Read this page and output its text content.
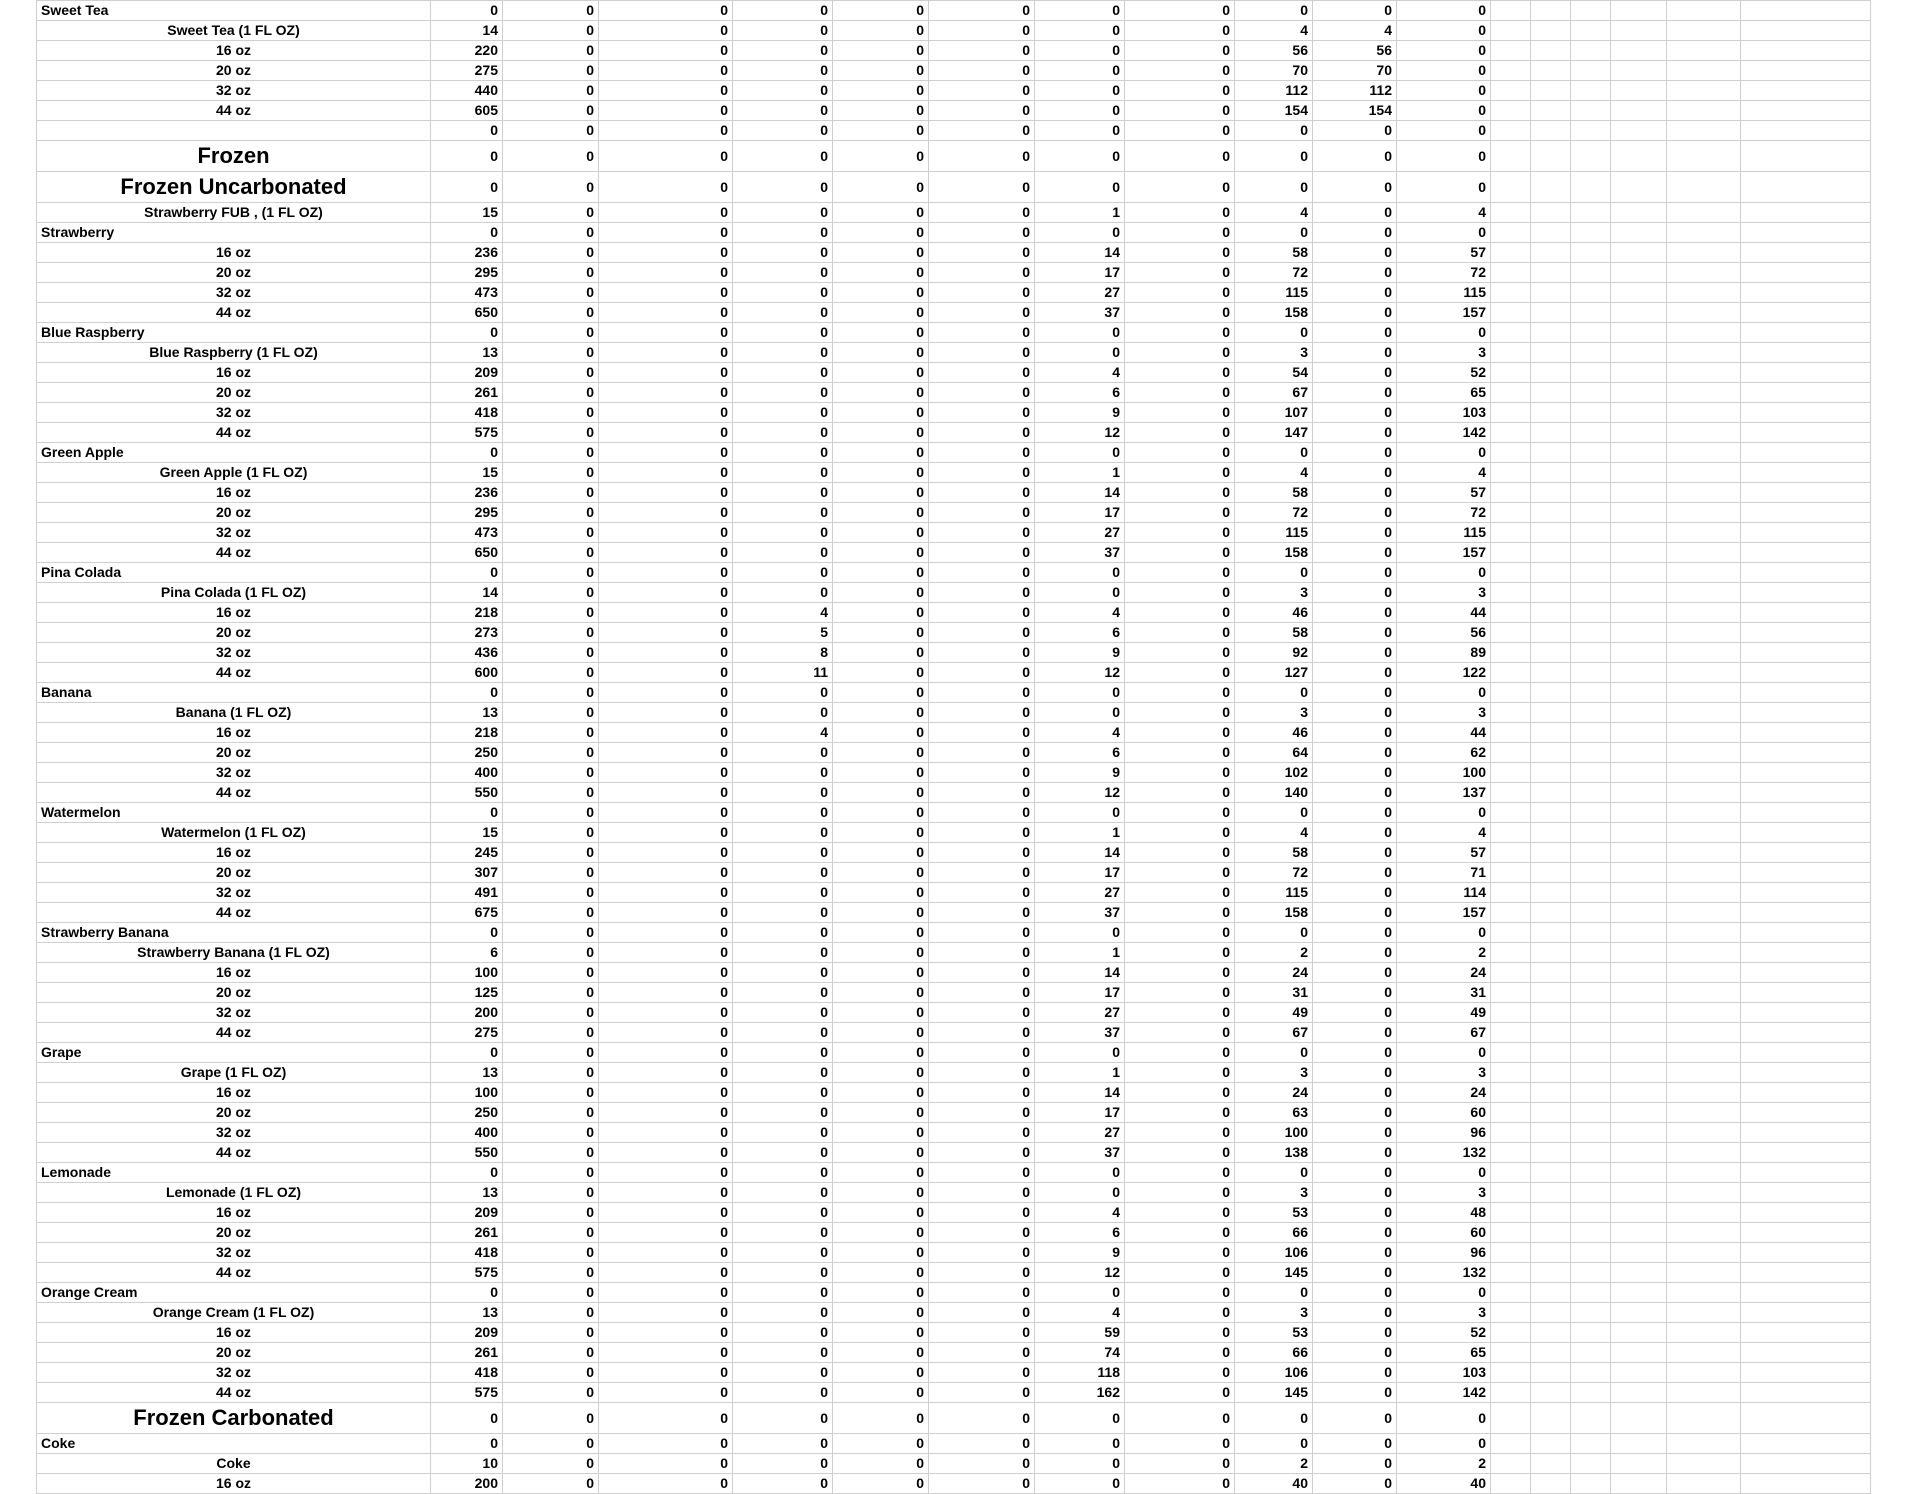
Sweet Tea	0	0	0	0	0	0	0	0	0	0	0						
Sweet Tea (1 FL OZ)	14	0	0	0	0	0	0	0	4	4	0						
16 oz	220	0	0	0	0	0	0	0	56	56	0						
20 oz	275	0	0	0	0	0	0	0	70	70	0						
32 oz	440	0	0	0	0	0	0	0	112	112	0						
44 oz	605	0	0	0	0	0	0	0	154	154	0						
	0	0	0	0	0	0	0	0	0	0	0						
Frozen	0	0	0	0	0	0	0	0	0	0	0						
Frozen Uncarbonated	0	0	0	0	0	0	0	0	0	0	0						
Strawberry FUB , (1 FL OZ)	15	0	0	0	0	0	1	0	4	0	4						
Strawberry	0	0	0	0	0	0	0	0	0	0	0						
16 oz	236	0	0	0	0	0	14	0	58	0	57						
20 oz	295	0	0	0	0	0	17	0	72	0	72						
32 oz	473	0	0	0	0	0	27	0	115	0	115						
44 oz	650	0	0	0	0	0	37	0	158	0	157						
Blue Raspberry	0	0	0	0	0	0	0	0	0	0	0						
Blue Raspberry (1 FL OZ)	13	0	0	0	0	0	0	0	3	0	3						
16 oz	209	0	0	0	0	0	4	0	54	0	52						
20 oz	261	0	0	0	0	0	6	0	67	0	65						
32 oz	418	0	0	0	0	0	9	0	107	0	103						
44 oz	575	0	0	0	0	0	12	0	147	0	142						
Green Apple	0	0	0	0	0	0	0	0	0	0	0						
Green Apple (1 FL OZ)	15	0	0	0	0	0	1	0	4	0	4						
16 oz	236	0	0	0	0	0	14	0	58	0	57						
20 oz	295	0	0	0	0	0	17	0	72	0	72						
32 oz	473	0	0	0	0	0	27	0	115	0	115						
44 oz	650	0	0	0	0	0	37	0	158	0	157						
Pina Colada	0	0	0	0	0	0	0	0	0	0	0						
Pina Colada (1 FL OZ)	14	0	0	0	0	0	0	0	3	0	3						
16 oz	218	0	0	4	0	0	4	0	46	0	44						
20 oz	273	0	0	5	0	0	6	0	58	0	56						
32 oz	436	0	0	8	0	0	9	0	92	0	89						
44 oz	600	0	0	11	0	0	12	0	127	0	122						
Banana	0	0	0	0	0	0	0	0	0	0	0						
Banana (1 FL OZ)	13	0	0	0	0	0	0	0	3	0	3						
16 oz	218	0	0	4	0	0	4	0	46	0	44						
20 oz	250	0	0	0	0	0	6	0	64	0	62						
32 oz	400	0	0	0	0	0	9	0	102	0	100						
44 oz	550	0	0	0	0	0	12	0	140	0	137						
Watermelon	0	0	0	0	0	0	0	0	0	0	0						
Watermelon (1 FL OZ)	15	0	0	0	0	0	1	0	4	0	4						
16 oz	245	0	0	0	0	0	14	0	58	0	57						
20 oz	307	0	0	0	0	0	17	0	72	0	71						
32 oz	491	0	0	0	0	0	27	0	115	0	114						
44 oz	675	0	0	0	0	0	37	0	158	0	157						
Strawberry Banana	0	0	0	0	0	0	0	0	0	0	0						
Strawberry Banana (1 FL OZ)	6	0	0	0	0	0	1	0	2	0	2						
16 oz	100	0	0	0	0	0	14	0	24	0	24						
20 oz	125	0	0	0	0	0	17	0	31	0	31						
32 oz	200	0	0	0	0	0	27	0	49	0	49						
44 oz	275	0	0	0	0	0	37	0	67	0	67						
Grape	0	0	0	0	0	0	0	0	0	0	0						
Grape (1 FL OZ)	13	0	0	0	0	0	1	0	3	0	3						
16 oz	100	0	0	0	0	0	14	0	24	0	24						
20 oz	250	0	0	0	0	0	17	0	63	0	60						
32 oz	400	0	0	0	0	0	27	0	100	0	96						
44 oz	550	0	0	0	0	0	37	0	138	0	132						
Lemonade	0	0	0	0	0	0	0	0	0	0	0						
Lemonade (1 FL OZ)	13	0	0	0	0	0	0	0	3	0	3						
16 oz	209	0	0	0	0	0	4	0	53	0	48						
20 oz	261	0	0	0	0	0	6	0	66	0	60						
32 oz	418	0	0	0	0	0	9	0	106	0	96						
44 oz	575	0	0	0	0	0	12	0	145	0	132						
Orange Cream	0	0	0	0	0	0	0	0	0	0	0						
Orange Cream (1 FL OZ)	13	0	0	0	0	0	4	0	3	0	3						
16 oz	209	0	0	0	0	0	59	0	53	0	52						
20 oz	261	0	0	0	0	0	74	0	66	0	65						
32 oz	418	0	0	0	0	0	118	0	106	0	103						
44 oz	575	0	0	0	0	0	162	0	145	0	142						
Frozen Carbonated	0	0	0	0	0	0	0	0	0	0	0						
Coke	0	0	0	0	0	0	0	0	0	0	0						
Coke	10	0	0	0	0	0	0	0	2	0	2						
16 oz	200	0	0	0	0	0	0	0	40	0	40						
